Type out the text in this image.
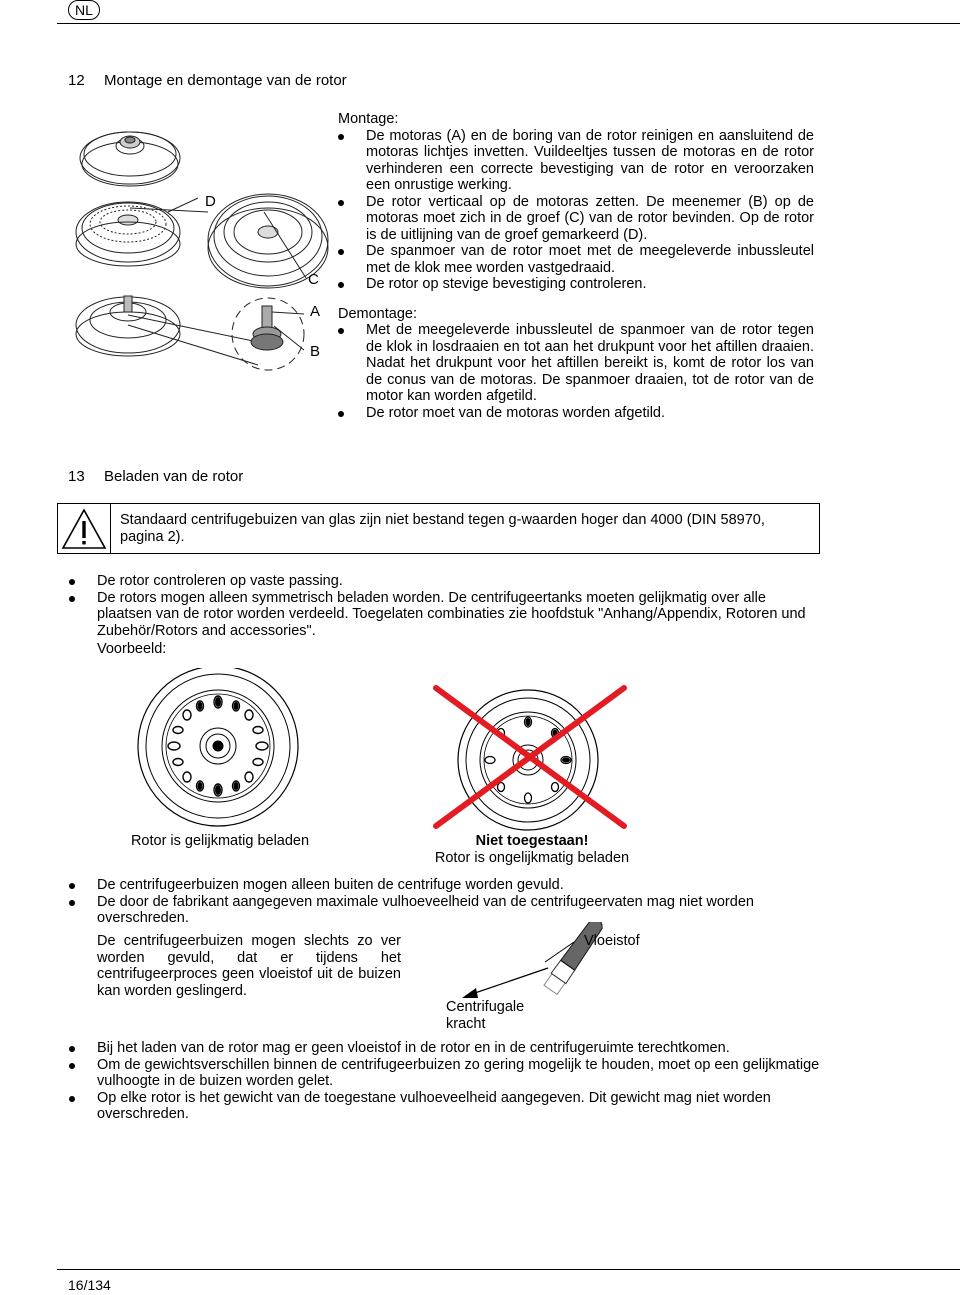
NL
12 Montage en demontage van de rotor
D
C
A
B
Montage:
De motoras (A) en de boring van de rotor reinigen en aansluitend de motoras lichtjes invetten. Vuildeeltjes tussen de motoras en de rotor verhinderen een correcte bevestiging van de rotor en veroorzaken een onrustige werking.
De rotor verticaal op de motoras zetten. De meenemer (B) op de motoras moet zich in de groef (C) van de rotor bevinden. Op de rotor is de uitlijning van de groef gemarkeerd (D).
De spanmoer van de rotor moet met de meegeleverde inbussleutel met de klok mee worden vastgedraaid.
De rotor op stevige bevestiging controleren.
Demontage:
Met de meegeleverde inbussleutel de spanmoer van de rotor tegen de klok in losdraaien en tot aan het drukpunt voor het aftillen draaien. Nadat het drukpunt voor het aftillen bereikt is, komt de rotor los van de conus van de motoras. De spanmoer draaien, tot de rotor van de motor kan worden afgetild.
De rotor moet van de motoras worden afgetild.
13 Beladen van de rotor
Standaard centrifugebuizen van glas zijn niet bestand tegen g-waarden hoger dan 4000 (DIN 58970, pagina 2).
De rotor controleren op vaste passing.
De rotors mogen alleen symmetrisch beladen worden. De centrifugeertanks moeten gelijkmatig over alle plaatsen van de rotor worden verdeeld. Toegelaten combinaties zie hoofdstuk "Anhang/Appendix, Rotoren und Zubehör/Rotors and accessories".
Voorbeeld:
Rotor is gelijkmatig beladen	Niet toegestaan!
Rotor is ongelijkmatig beladen
De centrifugeerbuizen mogen alleen buiten de centrifuge worden gevuld.
De door de fabrikant aangegeven maximale vulhoeveelheid van de centrifugeervaten mag niet worden overschreden.
De centrifugeerbuizen mogen slechts zo ver worden gevuld, dat er tijdens het centrifugeerproces geen vloeistof uit de buizen kan worden geslingerd.
Vloeistof
Centrifugale kracht
Bij het laden van de rotor mag er geen vloeistof in de rotor en in de centrifugeruimte terechtkomen.
Om de gewichtsverschillen binnen de centrifugeerbuizen zo gering mogelijk te houden, moet op een gelijkmatige vulhoogte in de buizen worden gelet.
Op elke rotor is het gewicht van de toegestane vulhoeveelheid aangegeven. Dit gewicht mag niet worden overschreden.
16/134
